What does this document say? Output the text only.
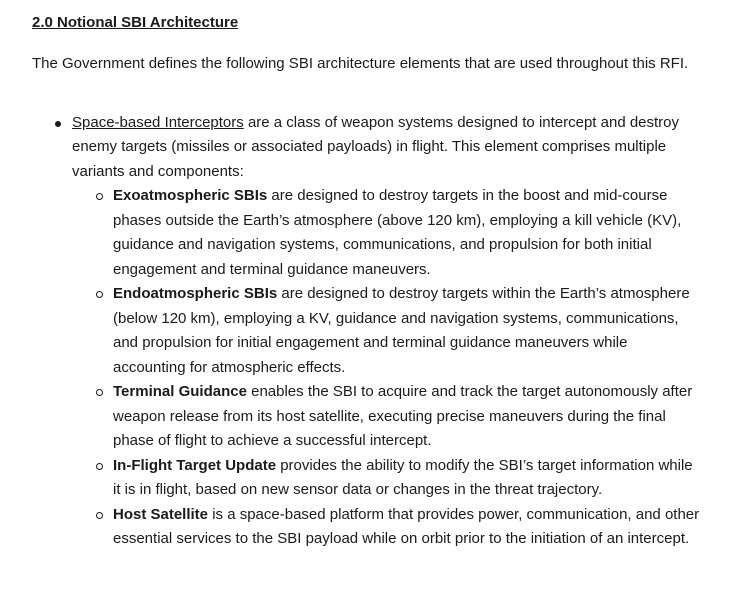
2.0 Notional SBI Architecture

The Government defines the following SBI architecture elements that are used throughout this RFI.

Space-based Interceptors are a class of weapon systems designed to intercept and destroy enemy targets (missiles or associated payloads) in flight. This element comprises multiple variants and components:
Exoatmospheric SBIs are designed to destroy targets in the boost and mid-course phases outside the Earth’s atmosphere (above 120 km), employing a kill vehicle (KV), guidance and navigation systems, communications, and propulsion for both initial engagement and terminal guidance maneuvers.
Endoatmospheric SBIs are designed to destroy targets within the Earth’s atmosphere (below 120 km), employing a KV, guidance and navigation systems, communications, and propulsion for initial engagement and terminal guidance maneuvers while accounting for atmospheric effects.
Terminal Guidance enables the SBI to acquire and track the target autonomously after weapon release from its host satellite, executing precise maneuvers during the final phase of flight to achieve a successful intercept.
In-Flight Target Update provides the ability to modify the SBI’s target information while it is in flight, based on new sensor data or changes in the threat trajectory.
Host Satellite is a space-based platform that provides power, communication, and other essential services to the SBI payload while on orbit prior to the initiation of an intercept.
